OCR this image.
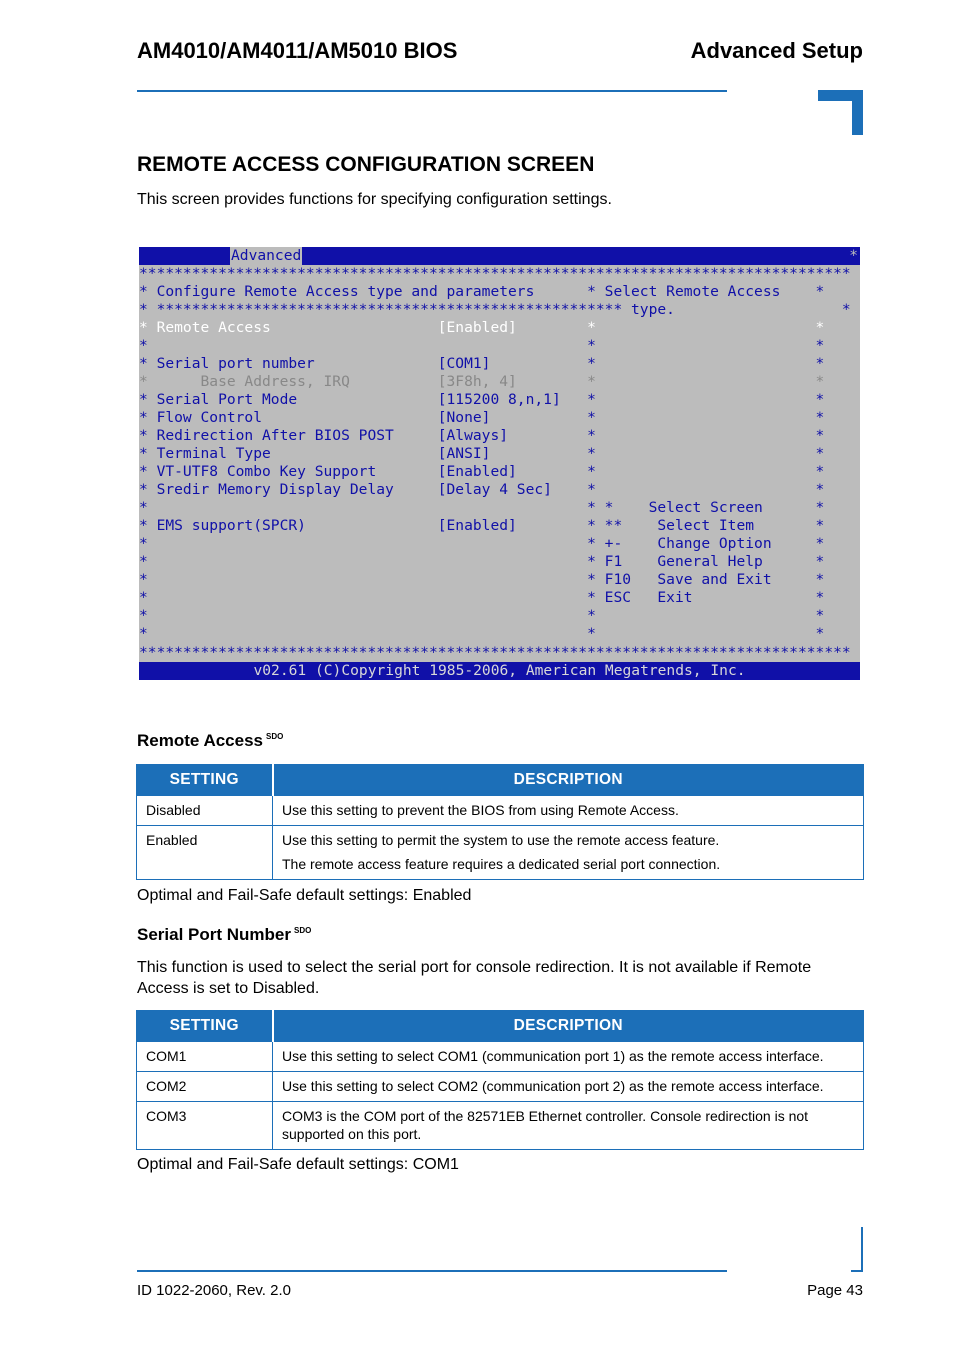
AM4010/AM4011/AM5010 BIOS	Advanced Setup
REMOTE ACCESS CONFIGURATION SCREEN
This screen provides functions for specifying configuration settings.
Advanced	*
*********************************************************************************
* Configure Remote Access type and parameters      * Select Remote Access    *
* ***************************************************** type.                   *
* Remote Access                   [Enabled]        *                         *
*                                                  *                         *
* Serial port number              [COM1]           *                         *
*      Base Address, IRQ          [3F8h, 4]        *                         *
* Serial Port Mode                [115200 8,n,1]   *                         *
* Flow Control                    [None]           *                         *
* Redirection After BIOS POST     [Always]         *                         *
* Terminal Type                   [ANSI]           *                         *
* VT-UTF8 Combo Key Support       [Enabled]        *                         *
* Sredir Memory Display Delay     [Delay 4 Sec]    *                         *
*                                                  * *    Select Screen      *
* EMS support(SPCR)               [Enabled]        * **    Select Item       *
*                                                  * +-    Change Option     *
*                                                  * F1    General Help      *
*                                                  * F10   Save and Exit     *
*                                                  * ESC   Exit              *
*                                                  *                         *
*                                                  *                         *
*********************************************************************************
v02.61 (C)Copyright 1985-2006, American Megatrends, Inc.
Remote Access $^{SDO}$
SETTING	DESCRIPTION
Disabled	Use this setting to prevent the BIOS from using Remote Access.

Enabled	Use this setting to permit the system to use the remote access feature.

The remote access feature requires a dedicated serial port connection.

Optimal and Fail-Safe default settings: Enabled
Serial Port Number $^{SDO}$
This function is used to select the serial port for console redirection. It is not available if Remote Access is set to Disabled.
SETTING	DESCRIPTION
COM1	Use this setting to select COM1 (communication port 1) as the remote access interface.

COM2	Use this setting to select COM2 (communication port 2) as the remote access interface.

COM3	COM3 is the COM port of the 82571EB Ethernet controller. Console redirection is not supported on this port.

Optimal and Fail-Safe default settings: COM1
ID 1022-2060, Rev. 2.0	Page 43
